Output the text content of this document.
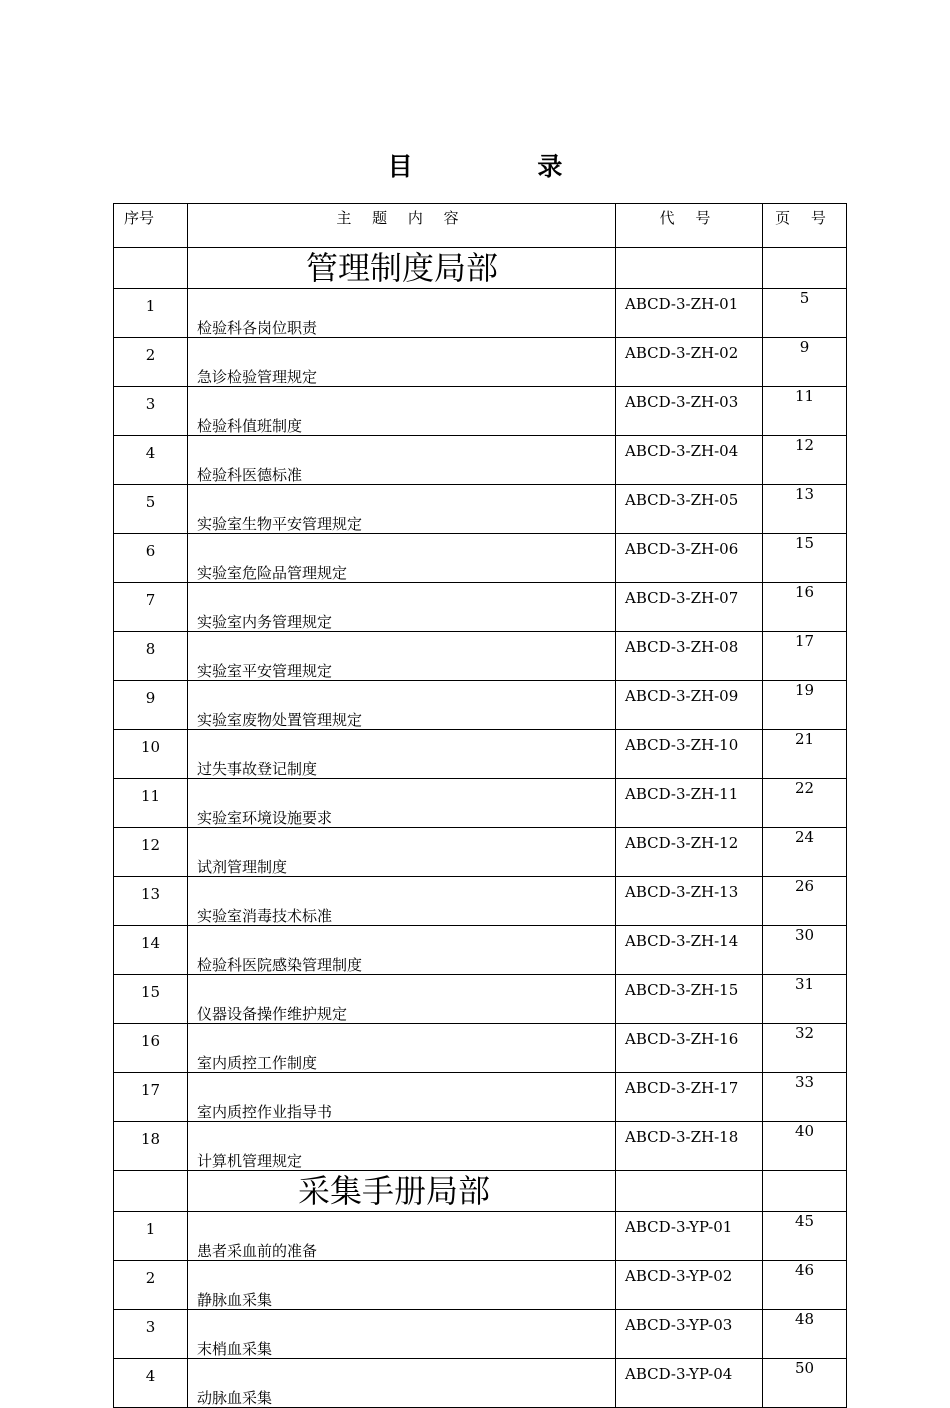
目 录
序号	主 题 内 容	代 号	页 号
	管理制度局部		
1	检验科各岗位职责	ABCD-3-ZH-01	5
2	急诊检验管理规定	ABCD-3-ZH-02	9
3	检验科值班制度	ABCD-3-ZH-03	11
4	检验科医德标准	ABCD-3-ZH-04	12
5	实验室生物平安管理规定	ABCD-3-ZH-05	13
6	实验室危险品管理规定	ABCD-3-ZH-06	15
7	实验室内务管理规定	ABCD-3-ZH-07	16
8	实验室平安管理规定	ABCD-3-ZH-08	17
9	实验室废物处置管理规定	ABCD-3-ZH-09	19
10	过失事故登记制度	ABCD-3-ZH-10	21
11	实验室环境设施要求	ABCD-3-ZH-11	22
12	试剂管理制度	ABCD-3-ZH-12	24
13	实验室消毒技术标准	ABCD-3-ZH-13	26
14	检验科医院感染管理制度	ABCD-3-ZH-14	30
15	仪器设备操作维护规定	ABCD-3-ZH-15	31
16	室内质控工作制度	ABCD-3-ZH-16	32
17	室内质控作业指导书	ABCD-3-ZH-17	33
18	计算机管理规定	ABCD-3-ZH-18	40
	采集手册局部		
1	患者采血前的准备	ABCD-3-YP-01	45
2	静脉血采集	ABCD-3-YP-02	46
3	末梢血采集	ABCD-3-YP-03	48
4	动脉血采集	ABCD-3-YP-04	50
